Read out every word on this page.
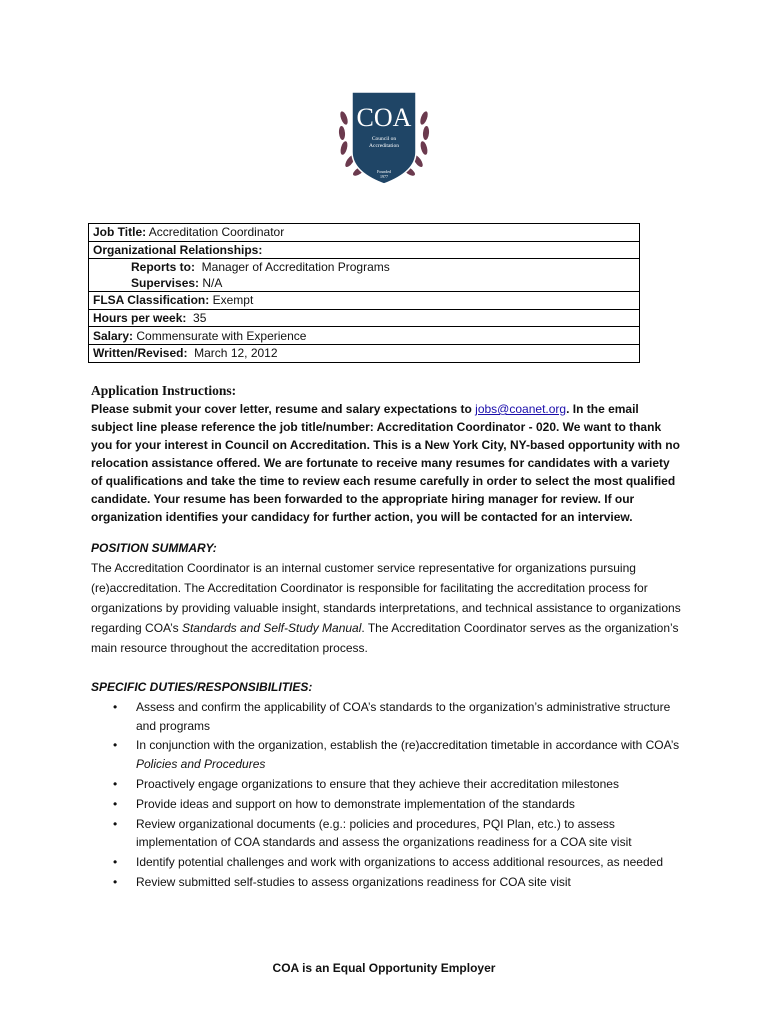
COA
Council on
Accreditation
Founded
1977
Job Title: Accreditation Coordinator
Organizational Relationships:
Reports to: Manager of Accreditation Programs
Supervises: N/A
FLSA Classification: Exempt
Hours per week: 35
Salary: Commensurate with Experience
Written/Revised: March 12, 2012
Application Instructions:
Please submit your cover letter, resume and salary expectations to jobs@coanet.org. In the email subject line please reference the job title/number: Accreditation Coordinator - 020. We want to thank you for your interest in Council on Accreditation. This is a New York City, NY-based opportunity with no relocation assistance offered. We are fortunate to receive many resumes for candidates with a variety of qualifications and take the time to review each resume carefully in order to select the most qualified candidate. Your resume has been forwarded to the appropriate hiring manager for review. If our organization identifies your candidacy for further action, you will be contacted for an interview.
POSITION SUMMARY:
The Accreditation Coordinator is an internal customer service representative for organizations pursuing (re)accreditation. The Accreditation Coordinator is responsible for facilitating the accreditation process for organizations by providing valuable insight, standards interpretations, and technical assistance to organizations regarding COA’s Standards and Self-Study Manual. The Accreditation Coordinator serves as the organization’s main resource throughout the accreditation process.
SPECIFIC DUTIES/RESPONSIBILITIES:
• Assess and confirm the applicability of COA’s standards to the organization’s administrative structure and programs
• In conjunction with the organization, establish the (re)accreditation timetable in accordance with COA’s Policies and Procedures
• Proactively engage organizations to ensure that they achieve their accreditation milestones
• Provide ideas and support on how to demonstrate implementation of the standards
• Review organizational documents (e.g.: policies and procedures, PQI Plan, etc.) to assess implementation of COA standards and assess the organizations readiness for a COA site visit
• Identify potential challenges and work with organizations to access additional resources, as needed
• Review submitted self-studies to assess organizations readiness for COA site visit
COA is an Equal Opportunity Employer
